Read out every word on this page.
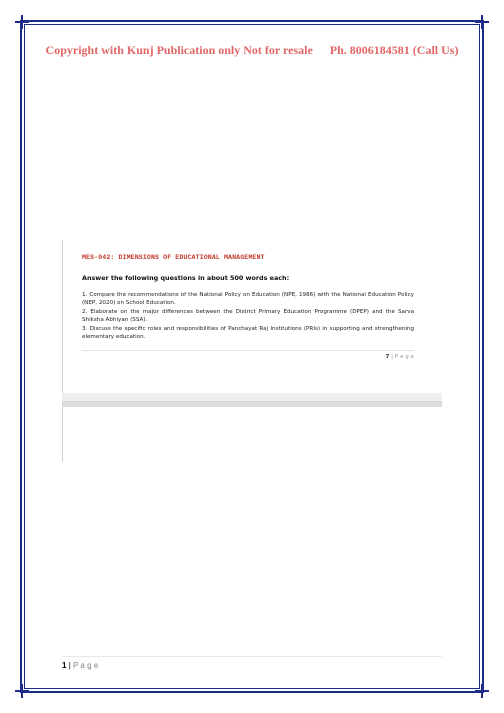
Copyright with Kunj Publication only Not for resale Ph. 8006184581 (Call Us)
MES-042: DIMENSIONS OF EDUCATIONAL MANAGEMENT
Answer the following questions in about 500 words each:

1. Compare the recommendations of the National Policy on Education (NPE, 1986) with the National Education Policy (NEP, 2020) on School Education.

2. Elaborate on the major differences between the District Primary Education Programme (DPEP) and the Sarva Shiksha Abhiyan (SSA).

3. Discuss the specific roles and responsibilities of Panchayat Raj Institutions (PRIs) in supporting and strengthening elementary education.

7 | P a g e
1 | P a g e
